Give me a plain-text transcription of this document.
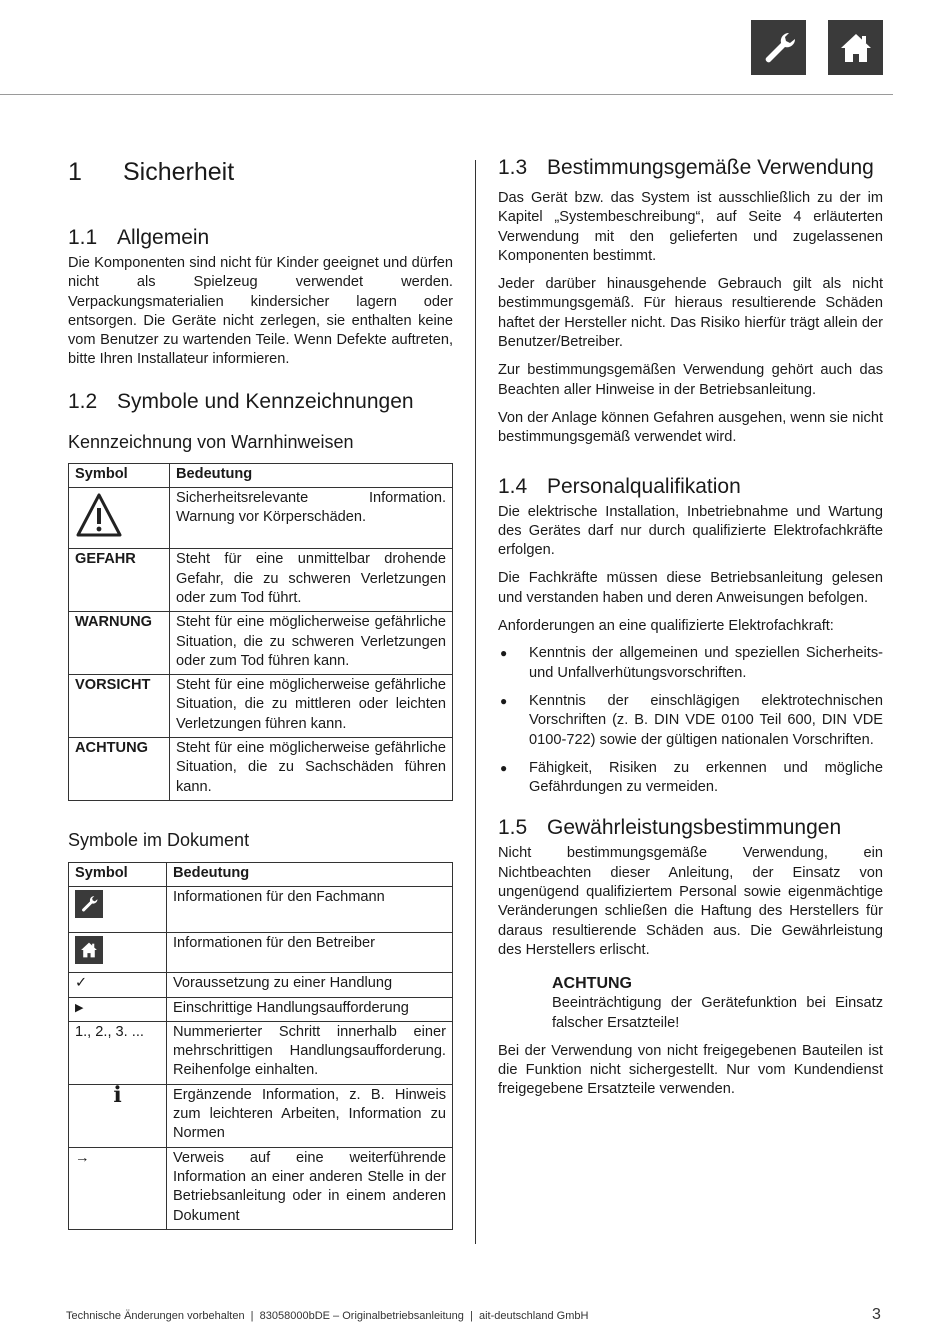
1	Sicherheit
1.1 Allgemein

Die Komponenten sind nicht für Kinder geeignet und dürfen nicht als Spielzeug verwendet werden. Verpackungsmaterialien kindersicher lagern oder entsorgen. Die Geräte nicht zerlegen, sie enthalten keine vom Benutzer zu wartenden Teile. Wenn Defekte auftreten, bitte Ihren Installateur informieren.

1.2 Symbole und Kennzeichnungen
Kennzeichnung von Warnhinweisen
Symbol	Bedeutung
	Sicherheitsrelevante Information. Warnung vor Körperschäden.
GEFAHR	Steht für eine unmittelbar drohende Gefahr, die zu schweren Verletzungen oder zum Tod führt.
WARNUNG	Steht für eine möglicherweise gefährliche Situation, die zu schweren Verletzungen oder zum Tod führen kann.
VORSICHT	Steht für eine möglicherweise gefährliche Situation, die zu mittleren oder leichten Verletzungen führen kann.
ACHTUNG	Steht für eine möglicherweise gefährliche Situation, die zu Sachschäden führen kann.
Symbole im Dokument
Symbol	Bedeutung

	Informationen für den Fachmann

	Informationen für den Betreiber
✓	Voraussetzung zu einer Handlung
▶	Einschrittige Handlungsaufforderung
1., 2., 3. ...	Nummerierter Schritt innerhalb einer mehrschrittigen Handlungsaufforderung. Reihenfolge einhalten.
ℹ	Ergänzende Information, z. B. Hinweis zum leichteren Arbeiten, Information zu Normen
→	Verweis auf eine weiterführende Information an einer anderen Stelle in der Betriebsanleitung oder in einem anderen Dokument
1.3 Bestimmungsgemäße Verwendung

Das Gerät bzw. das System ist ausschließlich zu der im Kapitel „Systembeschreibung“, auf Seite 4 erläuterten Verwendung mit den gelieferten und zugelassenen Komponenten bestimmt.

Jeder darüber hinausgehende Gebrauch gilt als nicht bestimmungsgemäß. Für hieraus resultierende Schäden haftet der Hersteller nicht. Das Risiko hierfür trägt allein der Benutzer/Betreiber.

Zur bestimmungsgemäßen Verwendung gehört auch das Beachten aller Hinweise in der Betriebsanleitung.

Von der Anlage können Gefahren ausgehen, wenn sie nicht bestimmungsgemäß verwendet wird.

1.4 Personalqualifikation

Die elektrische Installation, Inbetriebnahme und Wartung des Gerätes darf nur durch qualifizierte Elektrofachkräfte erfolgen.

Die Fachkräfte müssen diese Betriebsanleitung gelesen und verstanden haben und deren Anweisungen befolgen.

Anforderungen an eine qualifizierte Elektrofachkraft:

● Kenntnis der allgemeinen und speziellen Sicherheits- und Unfallverhütungsvorschriften.
● Kenntnis der einschlägigen elektrotechnischen Vorschriften (z. B. DIN VDE 0100 Teil 600, DIN VDE 0100-722) sowie der gültigen nationalen Vorschriften.
● Fähigkeit, Risiken zu erkennen und mögliche Gefährdungen zu vermeiden.
1.5 Gewährleistungsbestimmungen

Nicht bestimmungsgemäße Verwendung, ein Nichtbeachten dieser Anleitung, der Einsatz von ungenügend qualifiziertem Personal sowie eigenmächtige Veränderungen schließen die Haftung des Herstellers für daraus resultierende Schäden aus. Die Gewährleistung des Herstellers erlischt.

ACHTUNG

Beeinträchtigung der Gerätefunktion bei Einsatz falscher Ersatzteile!

Bei der Verwendung von nicht freigegebenen Bauteilen ist die Funktion nicht sichergestellt. Nur vom Kundendienst freigegebene Ersatzteile verwenden.

Technische Änderungen vorbehalten  |  83058000bDE – Originalbetriebsanleitung  |  ait-deutschland GmbH	3
